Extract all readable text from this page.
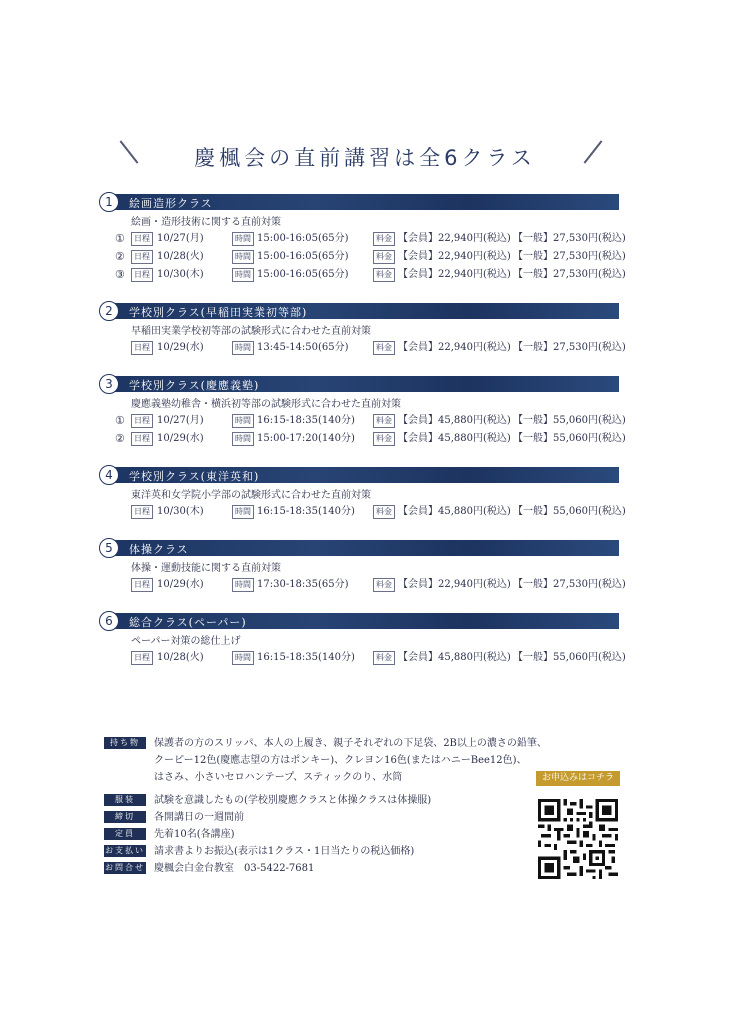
慶楓会の直前講習は全6クラス
1	絵画造形クラス
絵画・造形技術に関する直前対策
①	日程 10/27(月)	時間 15:00-16:05(65分)	料金 【会員】22,940円(税込) 【一般】27,530円(税込)
②	日程 10/28(火)	時間 15:00-16:05(65分)	料金 【会員】22,940円(税込) 【一般】27,530円(税込)
③	日程 10/30(木)	時間 15:00-16:05(65分)	料金 【会員】22,940円(税込) 【一般】27,530円(税込)
2	学校別クラス(早稲田実業初等部)
早稲田実業学校初等部の試験形式に合わせた直前対策
日程 10/29(水)	時間 13:45-14:50(65分)	料金 【会員】22,940円(税込) 【一般】27,530円(税込)
3	学校別クラス(慶應義塾)
慶應義塾幼稚舎・横浜初等部の試験形式に合わせた直前対策
①	日程 10/27(月)	時間 16:15-18:35(140分)	料金 【会員】45,880円(税込) 【一般】55,060円(税込)
②	日程 10/29(水)	時間 15:00-17:20(140分)	料金 【会員】45,880円(税込) 【一般】55,060円(税込)
4	学校別クラス(東洋英和)
東洋英和女学院小学部の試験形式に合わせた直前対策
日程 10/30(木)	時間 16:15-18:35(140分)	料金 【会員】45,880円(税込) 【一般】55,060円(税込)
5	体操クラス
体操・運動技能に関する直前対策
日程 10/29(水)	時間 17:30-18:35(65分)	料金 【会員】22,940円(税込) 【一般】27,530円(税込)
6	総合クラス(ペーパー)
ペーパー対策の総仕上げ
日程 10/28(火)	時間 16:15-18:35(140分)	料金 【会員】45,880円(税込) 【一般】55,060円(税込)
持ち物	保護者の方のスリッパ、本人の上履き、親子それぞれの下足袋、2B以上の濃さの鉛筆、
クーピー12色(慶應志望の方はポンキー)、クレヨン16色(またはハニーBee12色)、
はさみ、小さいセロハンテープ、スティックのり、水筒
服装	試験を意識したもの(学校別慶應クラスと体操クラスは体操服)
締切	各開講日の一週間前
定員	先着10名(各講座)
お支払い 請求書よりお振込(表示は1クラス・1日当たりの税込価格)
お問合せ 慶楓会白金台教室　03-5422-7681
お申込みはコチラ
